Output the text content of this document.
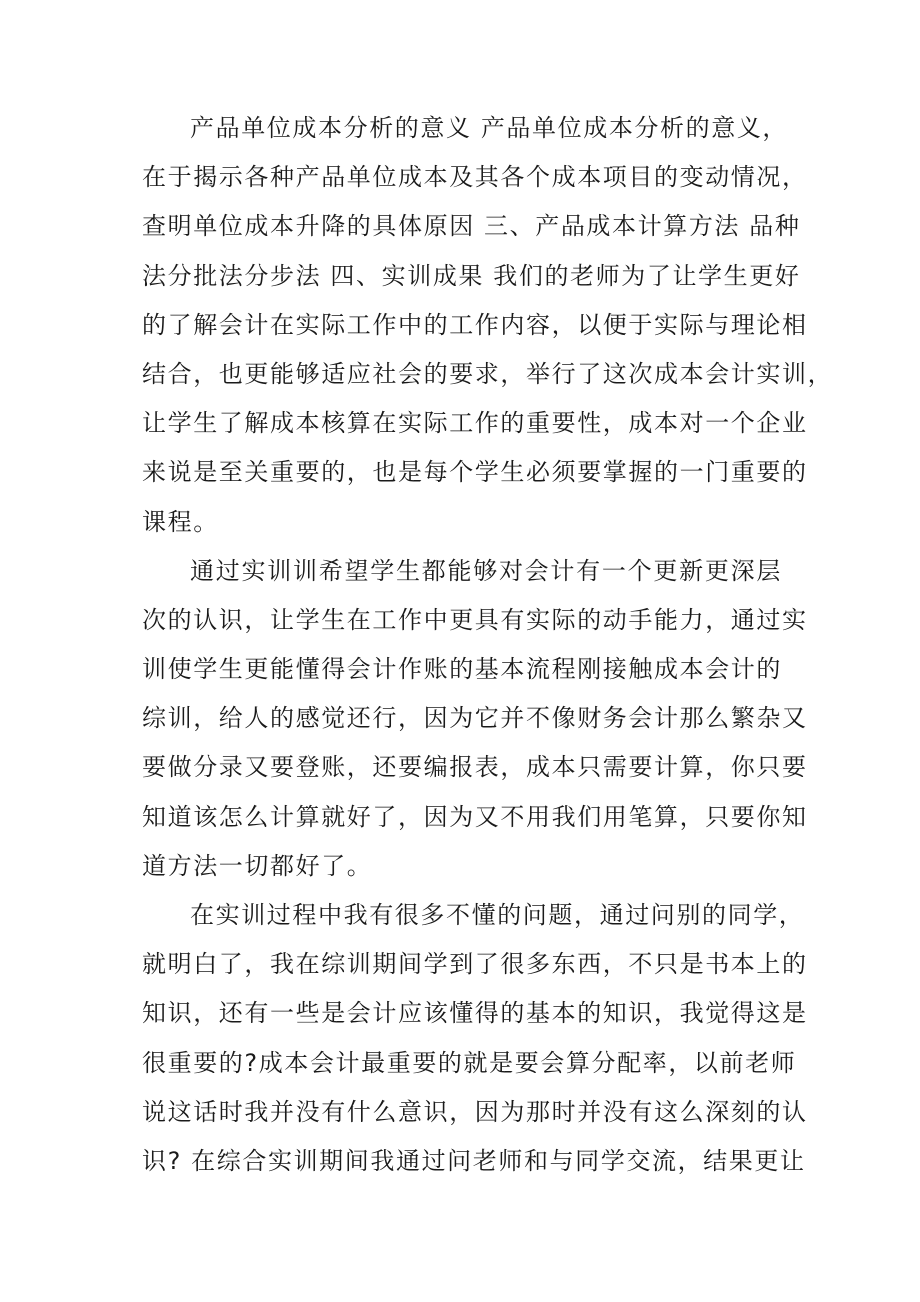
产品单位成本分析的意义 产品单位成本分析的意义，
在于揭示各种产品单位成本及其各个成本项目的变动情况，
查明单位成本升降的具体原因 三、产品成本计算方法 品种
法分批法分步法 四、实训成果 我们的老师为了让学生更好
的了解会计在实际工作中的工作内容，以便于实际与理论相
结合，也更能够适应社会的要求，举行了这次成本会计实训，
让学生了解成本核算在实际工作的重要性，成本对一个企业
来说是至关重要的，也是每个学生必须要掌握的一门重要的
课程。
通过实训训希望学生都能够对会计有一个更新更深层
次的认识，让学生在工作中更具有实际的动手能力，通过实
训使学生更能懂得会计作账的基本流程刚接触成本会计的
综训，给人的感觉还行，因为它并不像财务会计那么繁杂又
要做分录又要登账，还要编报表，成本只需要计算，你只要
知道该怎么计算就好了，因为又不用我们用笔算，只要你知
道方法一切都好了。
在实训过程中我有很多不懂的问题，通过问别的同学，
就明白了，我在综训期间学到了很多东西，不只是书本上的
知识，还有一些是会计应该懂得的基本的知识，我觉得这是
很重要的?成本会计最重要的就是要会算分配率，以前老师
说这话时我并没有什么意识，因为那时并没有这么深刻的认
识? 在综合实训期间我通过问老师和与同学交流，结果更让
